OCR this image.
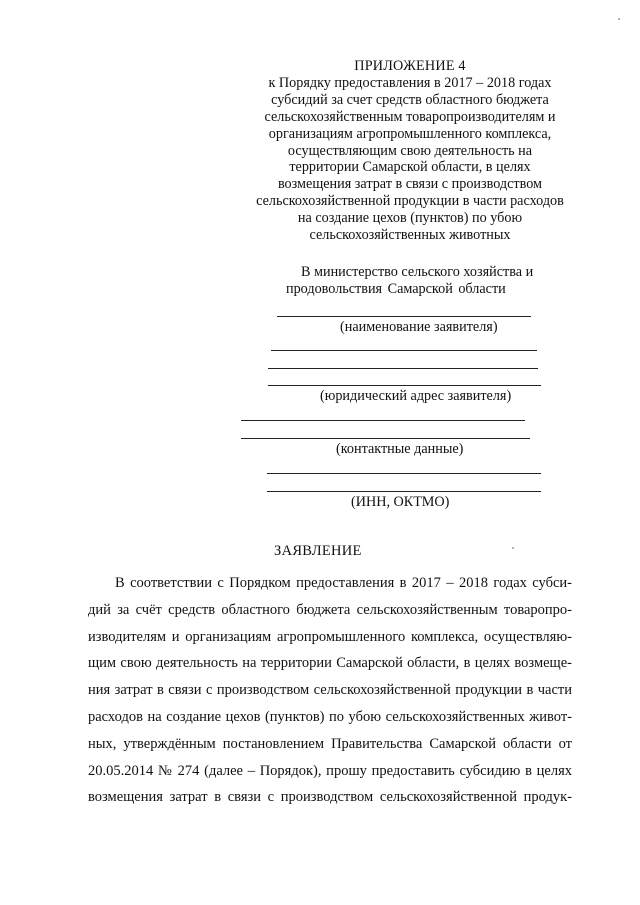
ПРИЛОЖЕНИЕ 4
к Порядку предоставления в 2017 – 2018 годах
субсидий за счет средств областного бюджета
сельскохозяйственным товаропроизводителям и
организациям агропромышленного комплекса,
осуществляющим свою деятельность на
территории Самарской области, в целях
возмещения затрат в связи с производством
сельскохозяйственной продукции в части расходов
на создание цехов (пунктов) по убою
сельскохозяйственных животных
В министерство сельского хозяйства и
продовольствия Самарской области
(наименование заявителя)
(юридический адрес заявителя)
(контактные данные)
(ИНН, ОКТМО)
ЗАЯВЛЕНИЕ
В соответствии с Порядком предоставления в 2017 – 2018 годах субси-
дий за счёт средств областного бюджета сельскохозяйственным товаропро-
изводителям и организациям агропромышленного комплекса, осуществляю-
щим свою деятельность на территории Самарской области, в целях возмеще-
ния затрат в связи с производством сельскохозяйственной продукции в части
расходов на создание цехов (пунктов) по убою сельскохозяйственных живот-
ных, утверждённым постановлением Правительства Самарской области от
20.05.2014 № 274 (далее – Порядок), прошу предоставить субсидию в целях
возмещения затрат в связи с производством сельскохозяйственной продук-
